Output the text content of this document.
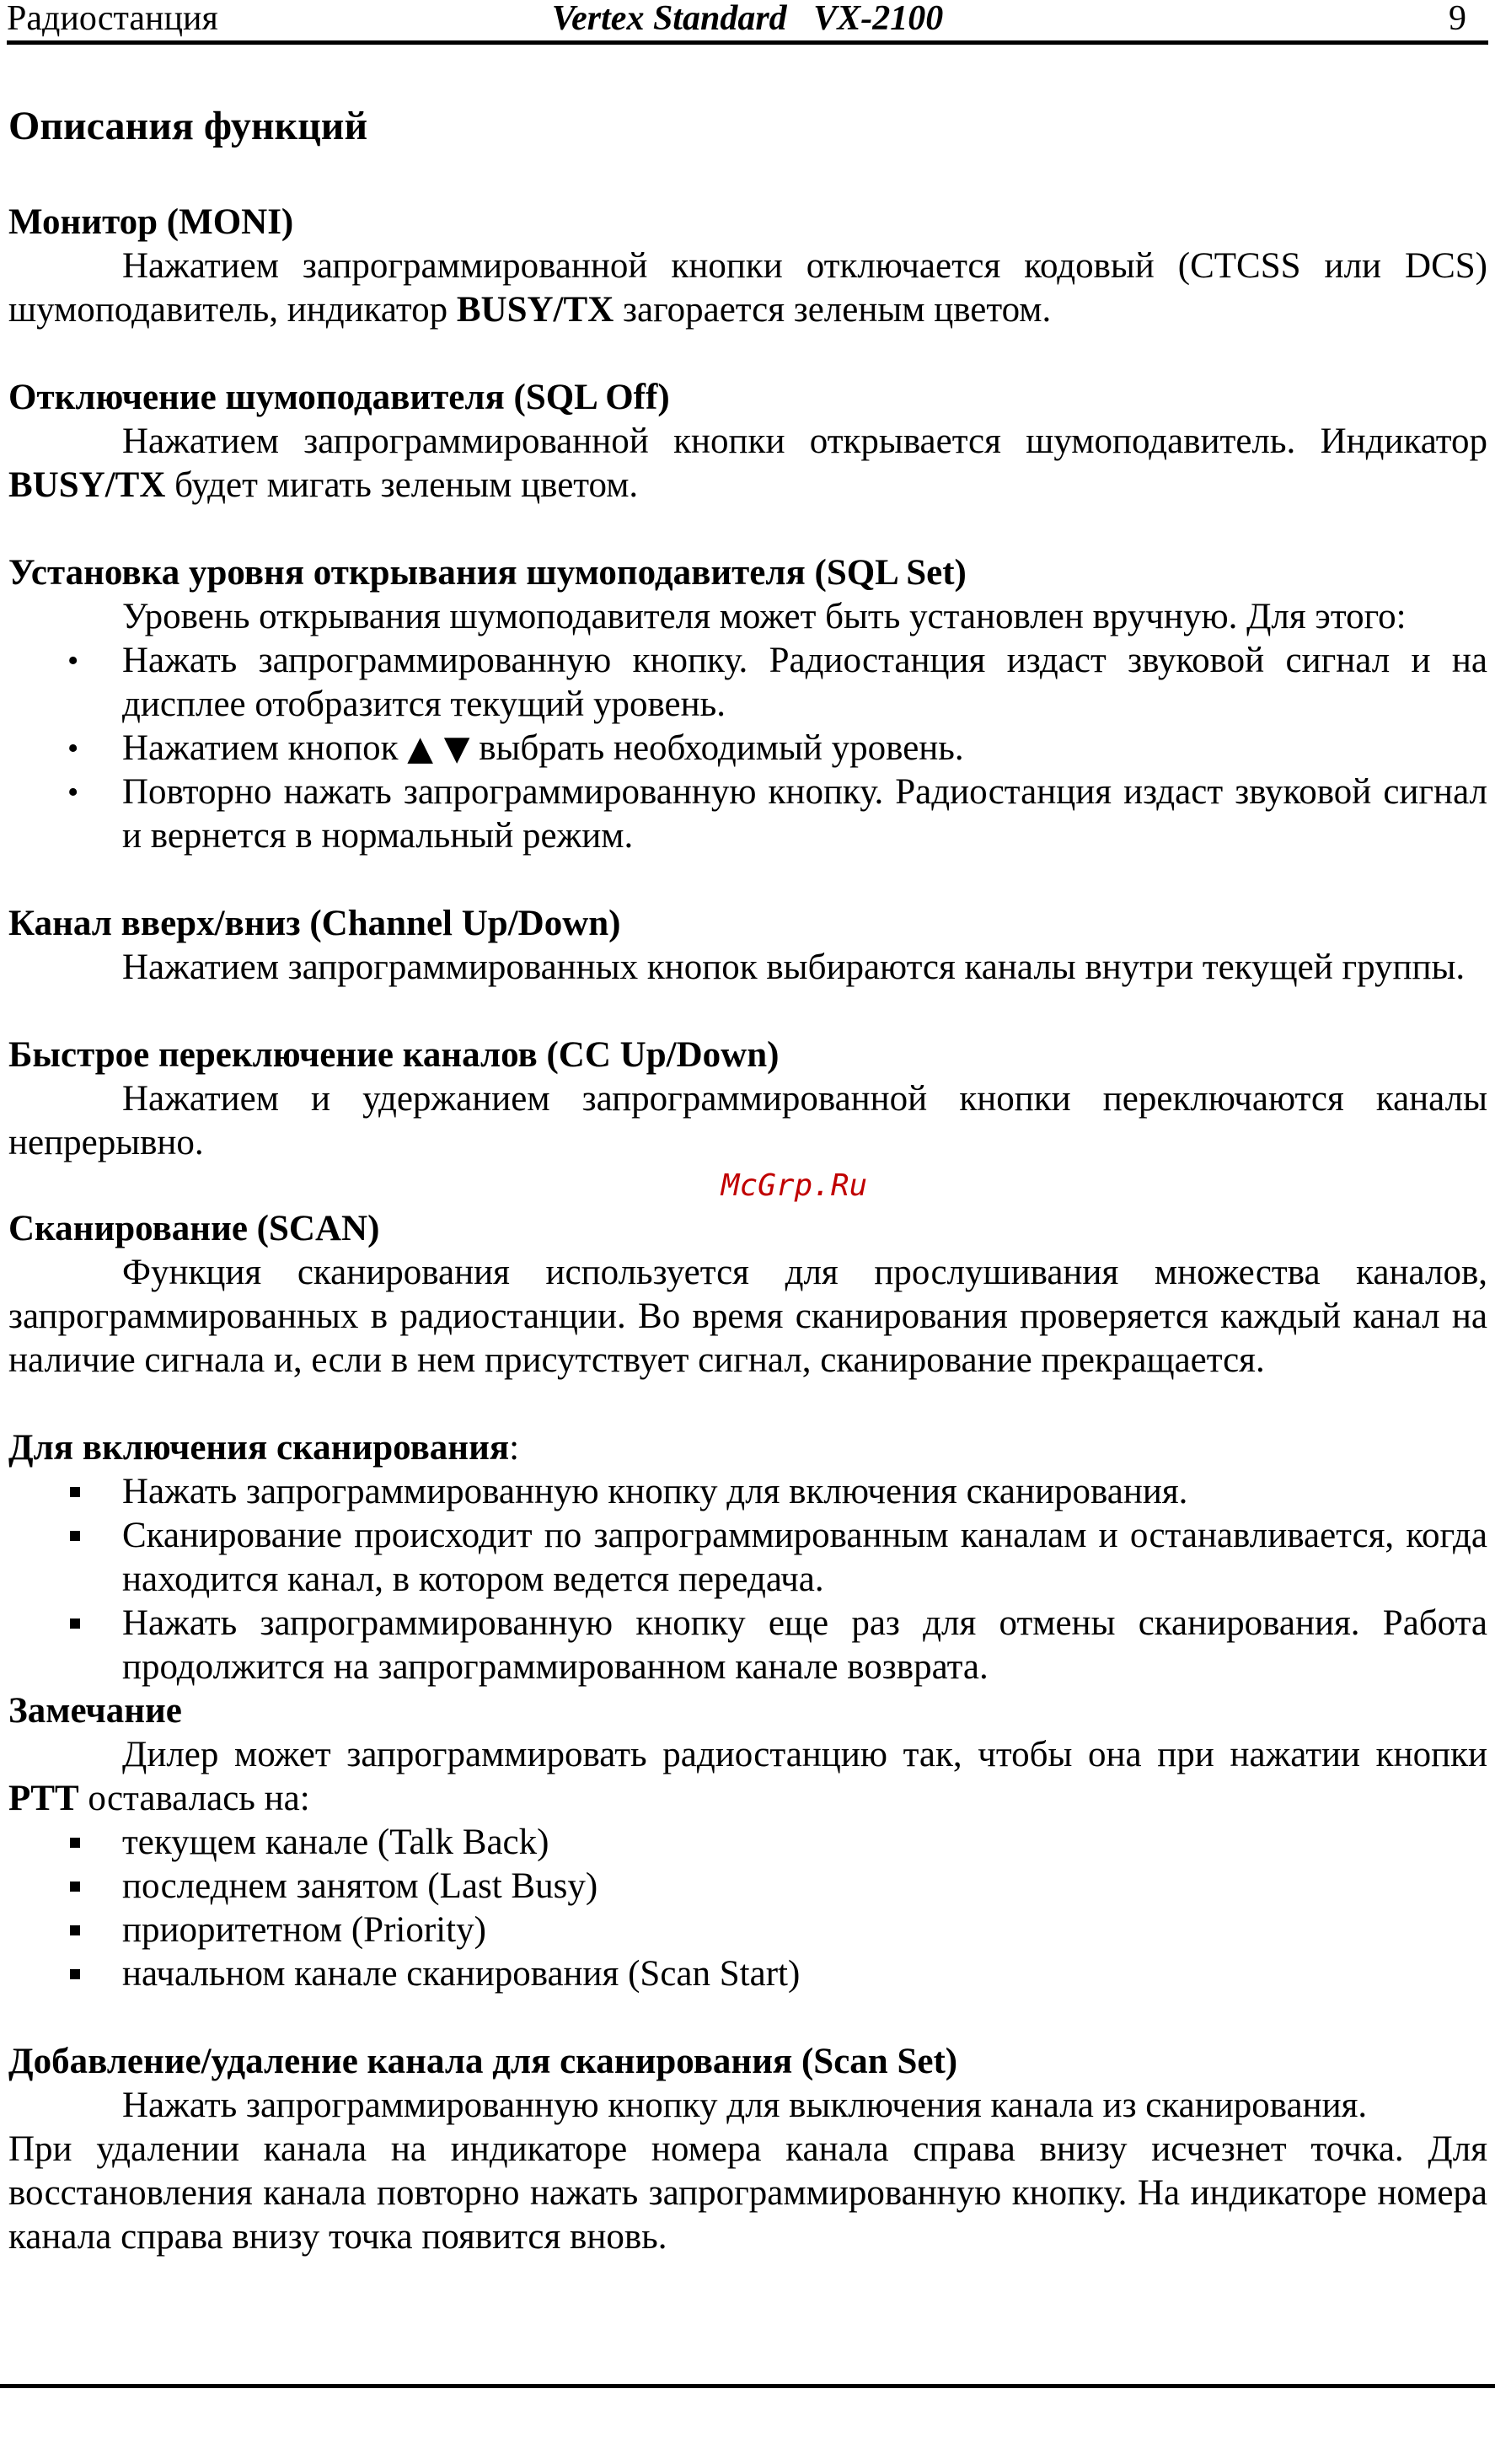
Радиостанция	Vertex Standard   VX-2100	9
Описания функций
Монитор (MONI)

Нажатием запрограммированной кнопки отключается кодовый (CTCSS или DCS) шумоподавитель, индикатор BUSY/TX загорается зеленым цветом.

Отключение шумоподавителя (SQL Off)

Нажатием запрограммированной кнопки открывается шумоподавитель. Индикатор BUSY/TX будет мигать зеленым цветом.

Установка уровня открывания шумоподавителя (SQL Set)

Уровень открывания шумоподавителя может быть установлен вручную. Для этого:

• Нажать запрограммированную кнопку. Радиостанция издаст звуковой сигнал и на дисплее отобразится текущий уровень.
• Нажатием кнопок ▲ ▼ выбрать необходимый уровень.
• Повторно нажать запрограммированную кнопку. Радиостанция издаст звуковой сигнал и вернется в нормальный режим.
Канал вверх/вниз (Channel Up/Down)

Нажатием запрограммированных кнопок выбираются каналы внутри текущей группы.

Быстрое переключение каналов (CC Up/Down)

Нажатием и удержанием запрограммированной кнопки переключаются каналы непрерывно.

McGrp.Ru
Сканирование (SCAN)

Функция сканирования используется для прослушивания множества каналов, запрограммированных в радиостанции. Во время сканирования проверяется каждый канал на наличие сигнала и, если в нем присутствует сигнал, сканирование прекращается.

Для включения сканирования:
Нажать запрограммированную кнопку для включения сканирования.
Сканирование происходит по запрограммированным каналам и останавливается, когда находится канал, в котором ведется передача.
Нажать запрограммированную кнопку еще раз для отмены сканирования. Работа продолжится на запрограммированном канале возврата.
Замечание

Дилер может запрограммировать радиостанцию так, чтобы она при нажатии кнопки PTT оставалась на:

текущем канале (Talk Back)
последнем занятом (Last Busy)
приоритетном (Priority)
начальном канале сканирования (Scan Start)
Добавление/удаление канала для сканирования (Scan Set)

Нажать запрограммированную кнопку для выключения канала из сканирования.

При удалении канала на индикаторе номера канала справа внизу исчезнет точка. Для восстановления канала повторно нажать запрограммированную кнопку. На индикаторе номера канала справа внизу точка появится вновь.
